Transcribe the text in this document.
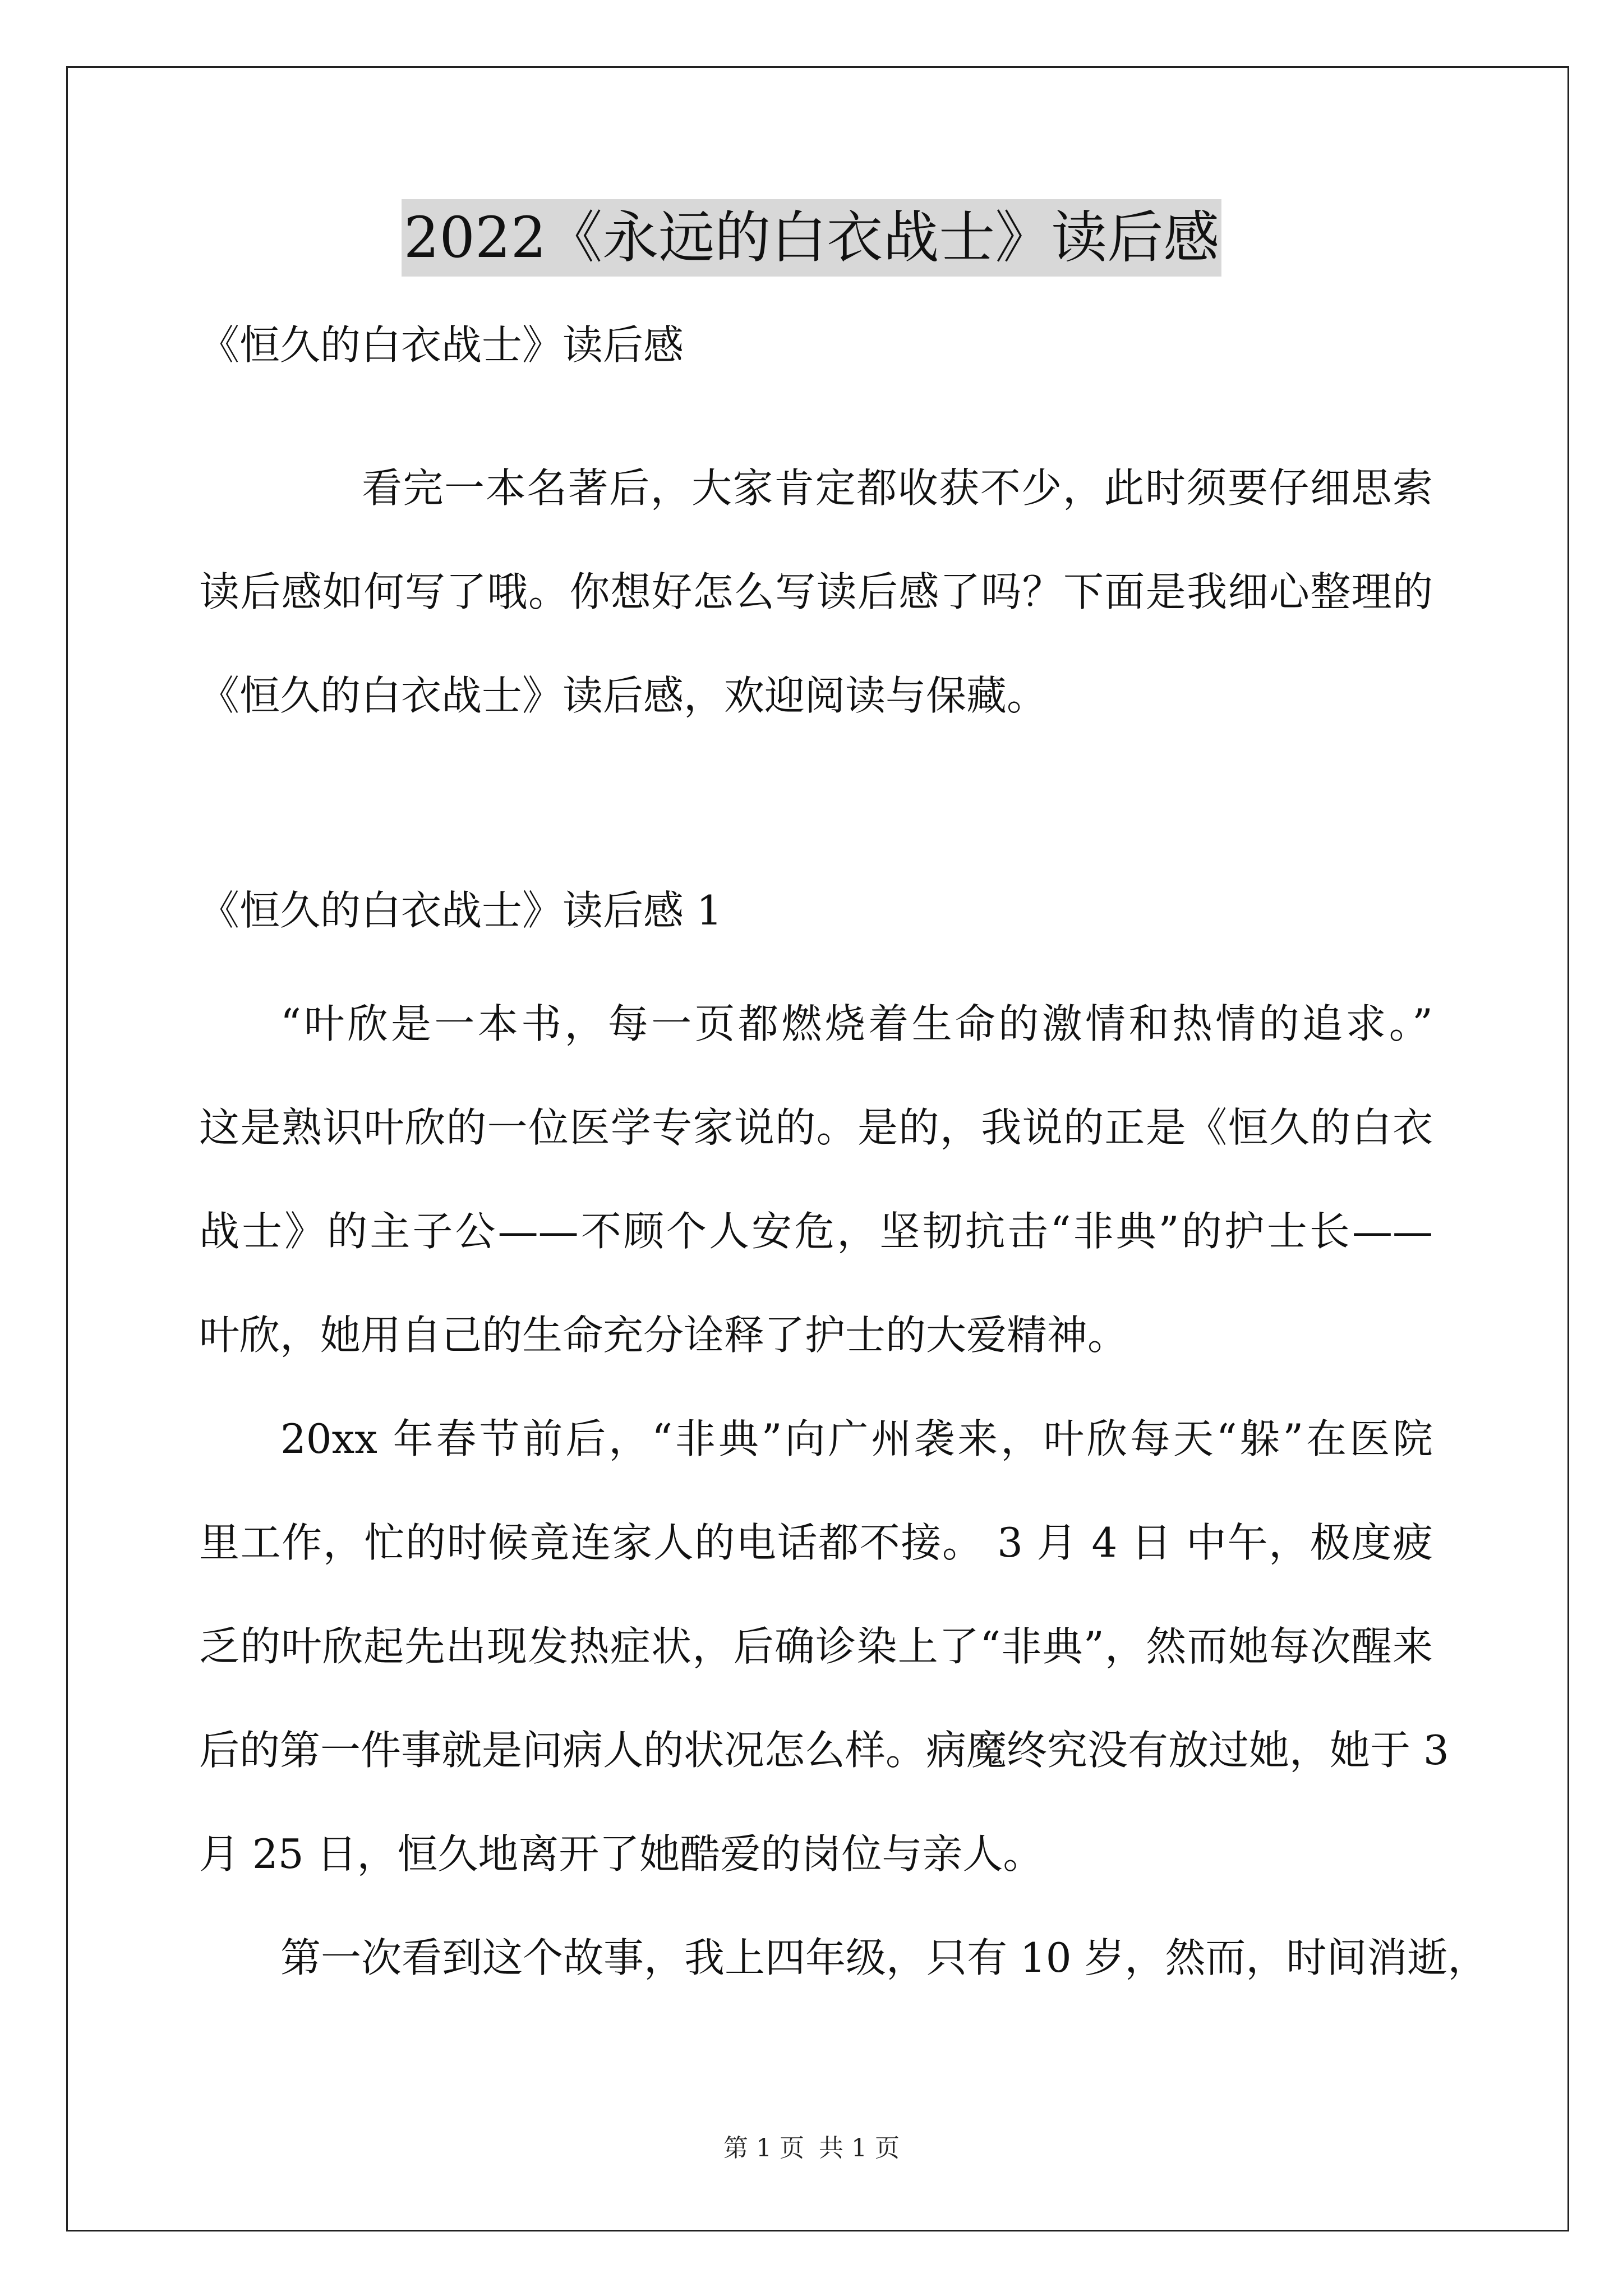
2022《永远的白衣战士》读后感
《恒久的白衣战士》读后感
看完一本名著后，大家肯定都收获不少，此时须要仔细思索
读后感如何写了哦。你想好怎么写读后感了吗？下面是我细心整理的
《恒久的白衣战士》读后感，欢迎阅读与保藏。
《恒久的白衣战士》读后感 1
“叶欣是一本书，每一页都燃烧着生命的激情和热情的追求。”
这是熟识叶欣的一位医学专家说的。是的，我说的正是《恒久的白衣
战士》的主子公——不顾个人安危，坚韧抗击“非典”的护士长——
叶欣，她用自己的生命充分诠释了护士的大爱精神。
20xx 年春节前后，“非典”向广州袭来，叶欣每天“躲”在医院
里工作，忙的时候竟连家人的电话都不接。 3 月 4 日 中午，极度疲
乏的叶欣起先出现发热症状，后确诊染上了“非典”，然而她每次醒来
后的第一件事就是问病人的状况怎么样。病魔终究没有放过她，她于 3
月 25 日，恒久地离开了她酷爱的岗位与亲人。
第一次看到这个故事，我上四年级，只有 10 岁，然而，时间消逝，
第 1 页 共 1 页
